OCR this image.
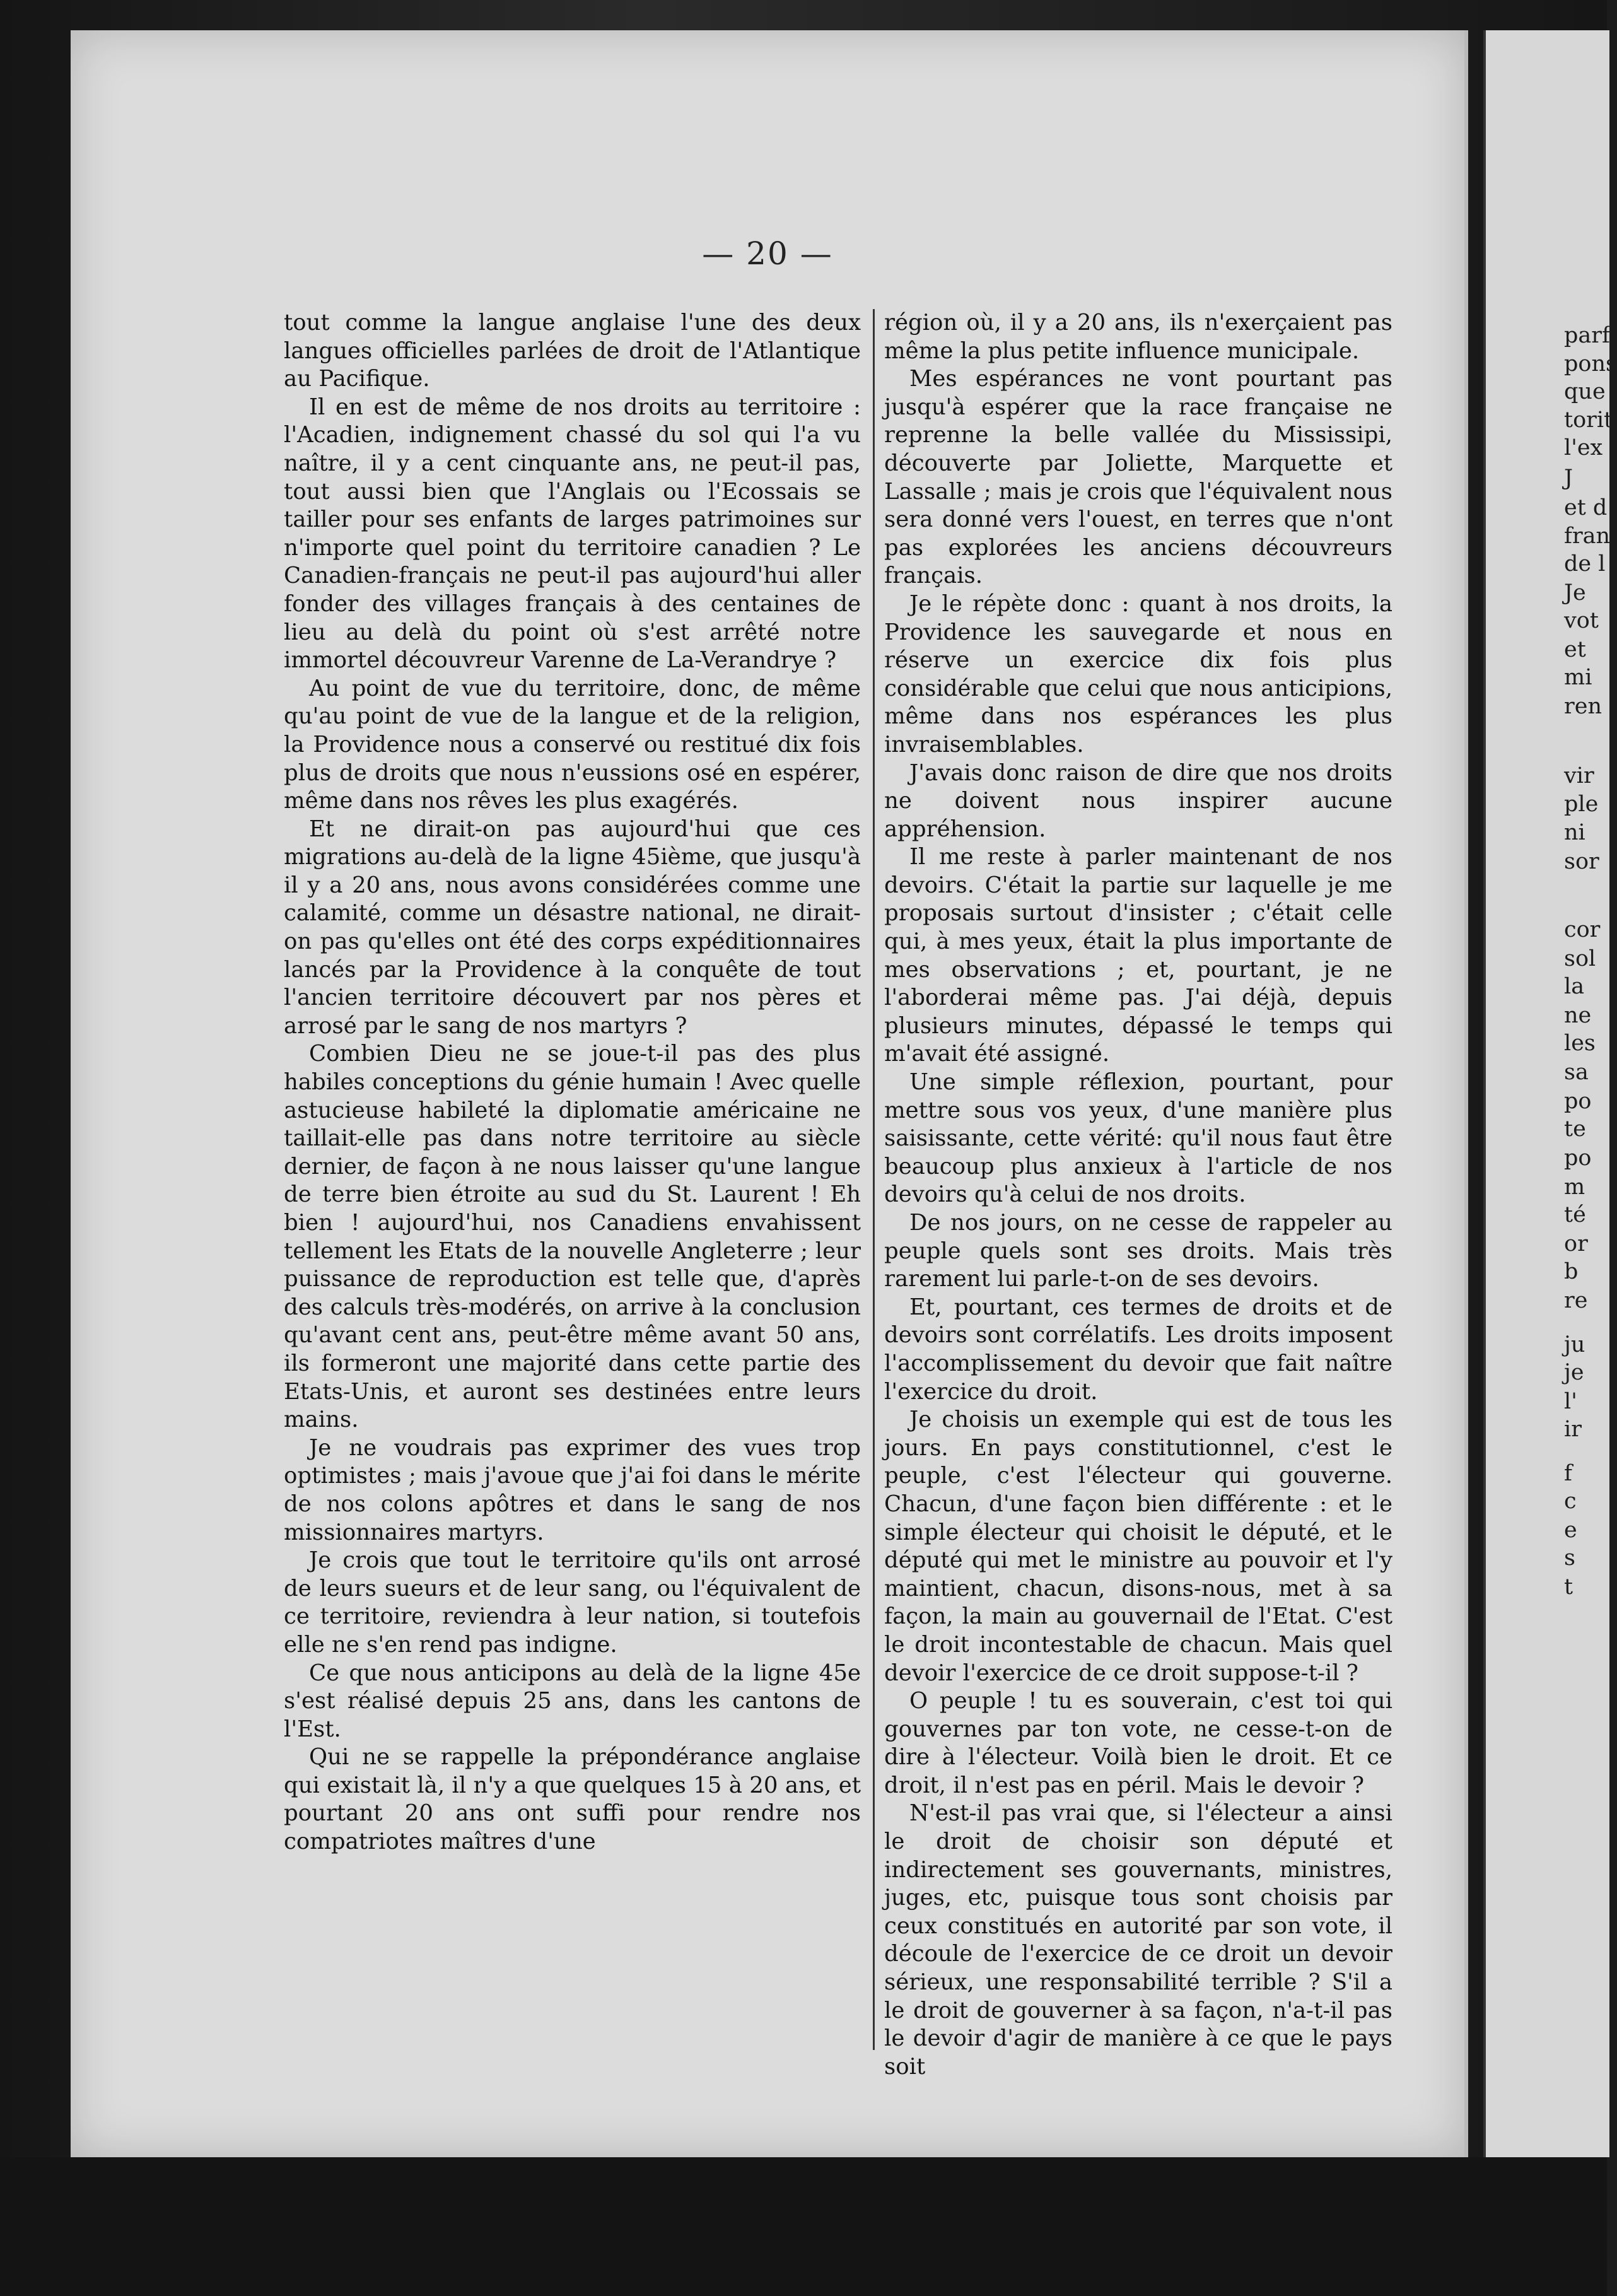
— 20 —

tout comme la langue anglaise l'une des deux langues officielles parlées de droit de l'Atlantique au Pacifique.

Il en est de même de nos droits au territoire : l'Acadien, indignement chassé du sol qui l'a vu naître, il y a cent cinquante ans, ne peut-il pas, tout aussi bien que l'Anglais ou l'Ecossais se tailler pour ses enfants de larges patrimoines sur n'importe quel point du territoire canadien ? Le Canadien-français ne peut-il pas aujourd'hui aller fonder des villages français à des centaines de lieu au delà du point où s'est arrêté notre immortel découvreur Varenne de La-Verandrye ?

Au point de vue du territoire, donc, de même qu'au point de vue de la langue et de la religion, la Providence nous a conservé ou restitué dix fois plus de droits que nous n'eussions osé en espérer, même dans nos rêves les plus exagérés.

Et ne dirait-on pas aujourd'hui que ces migrations au-delà de la ligne 45ième, que jusqu'à il y a 20 ans, nous avons considérées comme une calamité, comme un désastre national, ne dirait-on pas qu'elles ont été des corps expéditionnaires lancés par la Providence à la conquête de tout l'ancien territoire découvert par nos pères et arrosé par le sang de nos martyrs ?

Combien Dieu ne se joue-t-il pas des plus habiles conceptions du génie humain ! Avec quelle astucieuse habileté la diplomatie américaine ne taillait-elle pas dans notre territoire au siècle dernier, de façon à ne nous laisser qu'une langue de terre bien étroite au sud du St. Laurent ! Eh bien ! aujourd'hui, nos Canadiens envahissent tellement les Etats de la nouvelle Angleterre ; leur puissance de reproduction est telle que, d'après des calculs très-modérés, on arrive à la conclusion qu'avant cent ans, peut-être même avant 50 ans, ils formeront une majorité dans cette partie des Etats-Unis, et auront ses destinées entre leurs mains.

Je ne voudrais pas exprimer des vues trop optimistes ; mais j'avoue que j'ai foi dans le mérite de nos colons apôtres et dans le sang de nos missionnaires martyrs.

Je crois que tout le territoire qu'ils ont arrosé de leurs sueurs et de leur sang, ou l'équivalent de ce territoire, reviendra à leur nation, si toutefois elle ne s'en rend pas indigne.

Ce que nous anticipons au delà de la ligne 45e s'est réalisé depuis 25 ans, dans les cantons de l'Est.

Qui ne se rappelle la prépondérance anglaise qui existait là, il n'y a que quelques 15 à 20 ans, et pourtant 20 ans ont suffi pour rendre nos compatriotes maîtres d'une

région où, il y a 20 ans, ils n'exerçaient pas même la plus petite influence municipale.

Mes espérances ne vont pourtant pas jusqu'à espérer que la race française ne reprenne la belle vallée du Mississipi, découverte par Joliette, Marquette et Lassalle ; mais je crois que l'équivalent nous sera donné vers l'ouest, en terres que n'ont pas explorées les anciens découvreurs français.

Je le répète donc : quant à nos droits, la Providence les sauvegarde et nous en réserve un exercice dix fois plus considérable que celui que nous anticipions, même dans nos espérances les plus invraisemblables.

J'avais donc raison de dire que nos droits ne doivent nous inspirer aucune appréhension.

Il me reste à parler maintenant de nos devoirs. C'était la partie sur laquelle je me proposais surtout d'insister ; c'était celle qui, à mes yeux, était la plus importante de mes observations ; et, pourtant, je ne l'aborderai même pas. J'ai déjà, depuis plusieurs minutes, dépassé le temps qui m'avait été assigné.

Une simple réflexion, pourtant, pour mettre sous vos yeux, d'une manière plus saisissante, cette vérité: qu'il nous faut être beaucoup plus anxieux à l'article de nos devoirs qu'à celui de nos droits.

De nos jours, on ne cesse de rappeler au peuple quels sont ses droits. Mais très rarement lui parle-t-on de ses devoirs.

Et, pourtant, ces termes de droits et de devoirs sont corrélatifs. Les droits imposent l'accomplissement du devoir que fait naître l'exercice du droit.

Je choisis un exemple qui est de tous les jours. En pays constitutionnel, c'est le peuple, c'est l'électeur qui gouverne. Chacun, d'une façon bien différente : et le simple électeur qui choisit le député, et le député qui met le ministre au pouvoir et l'y maintient, chacun, disons-nous, met à sa façon, la main au gouvernail de l'Etat. C'est le droit incontestable de chacun. Mais quel devoir l'exercice de ce droit suppose-t-il ?

O peuple ! tu es souverain, c'est toi qui gouvernes par ton vote, ne cesse-t-on de dire à l'électeur. Voilà bien le droit. Et ce droit, il n'est pas en péril. Mais le devoir ?

N'est-il pas vrai que, si l'électeur a ainsi le droit de choisir son député et indirectement ses gouvernants, ministres, juges, etc, puisque tous sont choisis par ceux constitués en autorité par son vote, il découle de l'exercice de ce droit un devoir sérieux, une responsabilité terrible ? S'il a le droit de gouverner à sa façon, n'a-t-il pas le devoir d'agir de manière à ce que le pays soit

parf
pons
que
torit
l'ex
J
et d
fran
de l
Je
vot
et
mi
ren
vir
ple
ni
sor
cor
sol
la
ne
les
sa
po
te
po
m
té
or
b
re
ju
je
l'
ir
f
c
e
s
t
